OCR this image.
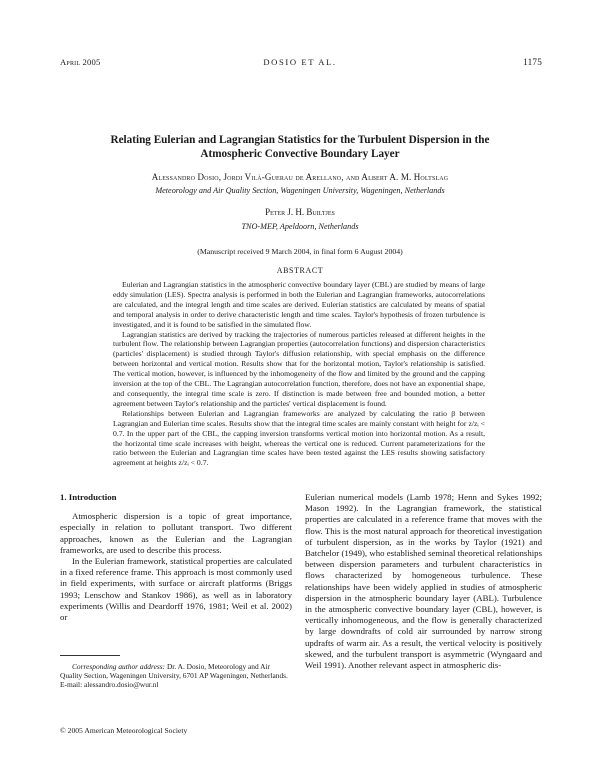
April 2005	DOSIO ET AL.	1175
Relating Eulerian and Lagrangian Statistics for the Turbulent Dispersion in the Atmospheric Convective Boundary Layer
Alessandro Dosio, Jordi Vilà-Guerau de Arellano, and Albert A. M. Holtslag
Meteorology and Air Quality Section, Wageningen University, Wageningen, Netherlands
Peter J. H. Builtjes
TNO-MEP, Apeldoorn, Netherlands
(Manuscript received 9 March 2004, in final form 6 August 2004)
ABSTRACT

Eulerian and Lagrangian statistics in the atmospheric convective boundary layer (CBL) are studied by means of large eddy simulation (LES). Spectra analysis is performed in both the Eulerian and Lagrangian frameworks, autocorrelations are calculated, and the integral length and time scales are derived. Eulerian statistics are calculated by means of spatial and temporal analysis in order to derive characteristic length and time scales. Taylor's hypothesis of frozen turbulence is investigated, and it is found to be satisfied in the simulated flow.

Lagrangian statistics are derived by tracking the trajectories of numerous particles released at different heights in the turbulent flow. The relationship between Lagrangian properties (autocorrelation functions) and dispersion characteristics (particles' displacement) is studied through Taylor's diffusion relationship, with special emphasis on the difference between horizontal and vertical motion. Results show that for the horizontal motion, Taylor's relationship is satisfied. The vertical motion, however, is influenced by the inhomogeneity of the flow and limited by the ground and the capping inversion at the top of the CBL. The Lagrangian autocorrelation function, therefore, does not have an exponential shape, and consequently, the integral time scale is zero. If distinction is made between free and bounded motion, a better agreement between Taylor's relationship and the particles' vertical displacement is found.

Relationships between Eulerian and Lagrangian frameworks are analyzed by calculating the ratio β between Lagrangian and Eulerian time scales. Results show that the integral time scales are mainly constant with height for z/zᵢ < 0.7. In the upper part of the CBL, the capping inversion transforms vertical motion into horizontal motion. As a result, the horizontal time scale increases with height, whereas the vertical one is reduced. Current parameterizations for the ratio between the Eulerian and Lagrangian time scales have been tested against the LES results showing satisfactory agreement at heights z/zᵢ < 0.7.

1. Introduction

Atmospheric dispersion is a topic of great importance, especially in relation to pollutant transport. Two different approaches, known as the Eulerian and the Lagrangian frameworks, are used to describe this process.

In the Eulerian framework, statistical properties are calculated in a fixed reference frame. This approach is most commonly used in field experiments, with surface or aircraft platforms (Briggs 1993; Lenschow and Stankov 1986), as well as in laboratory experiments (Willis and Deardorff 1976, 1981; Weil et al. 2002) or

Corresponding author address: Dr. A. Dosio, Meteorology and Air Quality Section, Wageningen University, 6701 AP Wageningen, Netherlands.
E-mail: alessandro.dosio@wur.nl

Eulerian numerical models (Lamb 1978; Henn and Sykes 1992; Mason 1992). In the Lagrangian framework, the statistical properties are calculated in a reference frame that moves with the flow. This is the most natural approach for theoretical investigation of turbulent dispersion, as in the works by Taylor (1921) and Batchelor (1949), who established seminal theoretical relationships between dispersion parameters and turbulent characteristics in flows characterized by homogeneous turbulence. These relationships have been widely applied in studies of atmospheric dispersion in the atmospheric boundary layer (ABL). Turbulence in the atmospheric convective boundary layer (CBL), however, is vertically inhomogeneous, and the flow is generally characterized by large downdrafts of cold air surrounded by narrow strong updrafts of warm air. As a result, the vertical velocity is positively skewed, and the turbulent transport is asymmetric (Wyngaard and Weil 1991). Another relevant aspect in atmospheric dis-

© 2005 American Meteorological Society
